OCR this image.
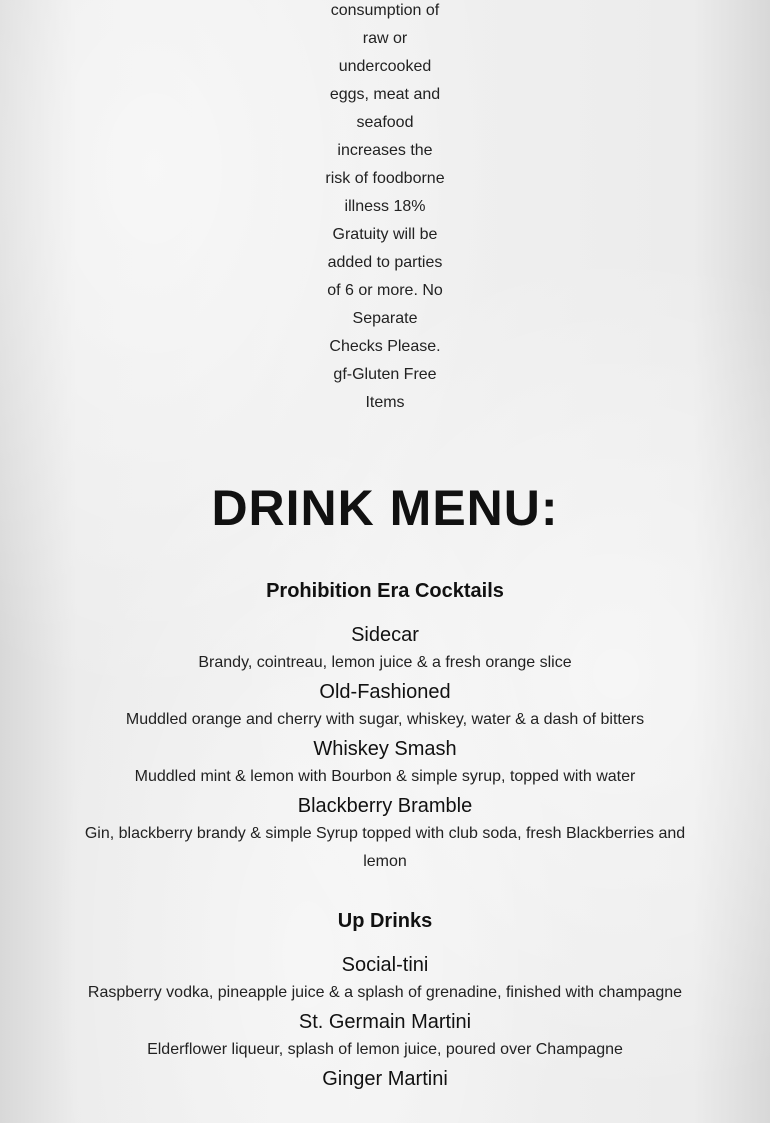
consumption of
raw or
undercooked
eggs, meat and
seafood
increases the
risk of foodborne
illness 18%
Gratuity will be
added to parties
of 6 or more. No
Separate
Checks Please.
gf-Gluten Free
Items
DRINK MENU:
Prohibition Era Cocktails
Sidecar
Brandy, cointreau, lemon juice & a fresh orange slice
Old-Fashioned
Muddled orange and cherry with sugar, whiskey, water & a dash of bitters
Whiskey Smash
Muddled mint & lemon with Bourbon & simple syrup, topped with water
Blackberry Bramble
Gin, blackberry brandy & simple Syrup topped with club soda, fresh Blackberries and lemon
Up Drinks
Social-tini
Raspberry vodka, pineapple juice & a splash of grenadine, finished with champagne
St. Germain Martini
Elderflower liqueur, splash of lemon juice, poured over Champagne
Ginger Martini
